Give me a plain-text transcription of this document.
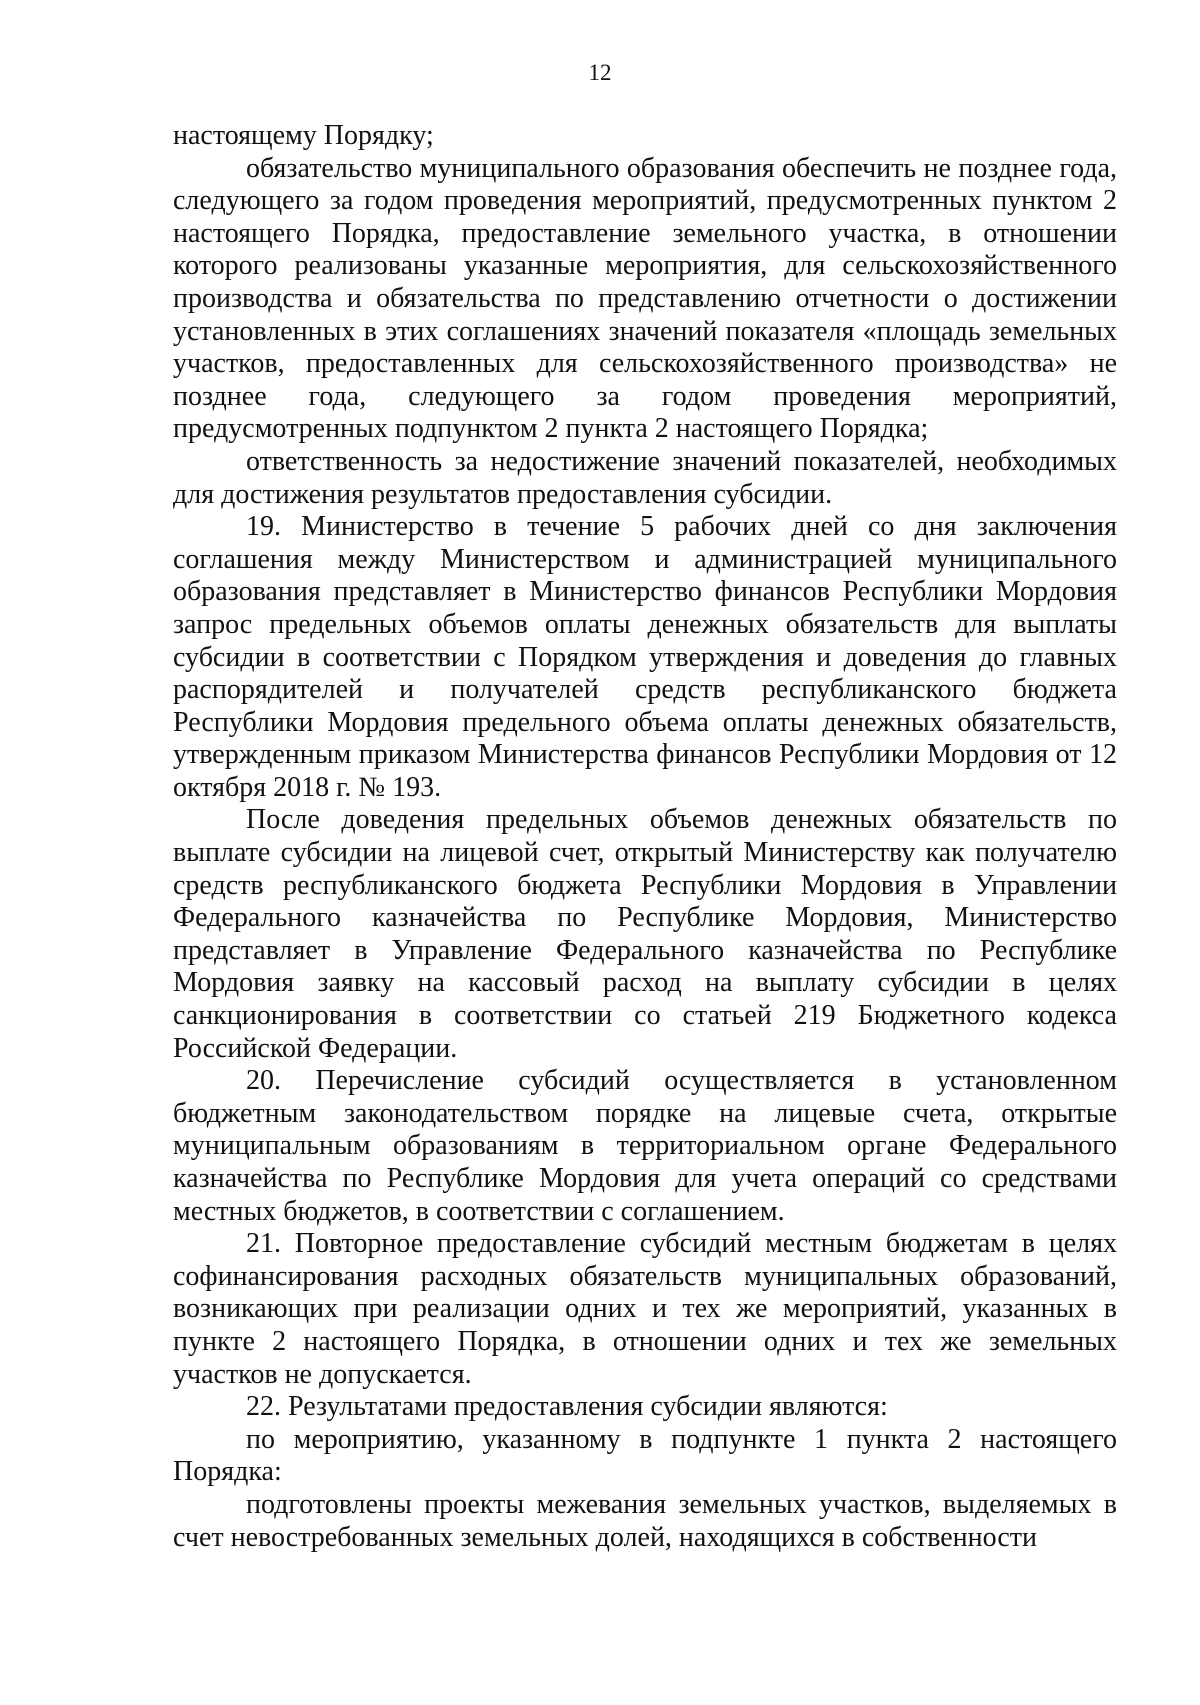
12

настоящему Порядку;

обязательство муниципального образования обеспечить не позднее года, следующего за годом проведения мероприятий, предусмотренных пунктом 2 настоящего Порядка, предоставление земельного участка, в отношении которого реализованы указанные мероприятия, для сельскохозяйственного производства и обязательства по представлению отчетности о достижении установленных в этих соглашениях значений показателя «площадь земельных участков, предоставленных для сельскохозяйственного производства» не позднее года, следующего за годом проведения мероприятий, предусмотренных подпунктом 2 пункта 2 настоящего Порядка;

ответственность за недостижение значений показателей, необходимых для достижения результатов предоставления субсидии.

19. Министерство в течение 5 рабочих дней со дня заключения соглашения между Министерством и администрацией муниципального образования представляет в Министерство финансов Республики Мордовия запрос предельных объемов оплаты денежных обязательств для выплаты субсидии в соответствии с Порядком утверждения и доведения до главных распорядителей и получателей средств республиканского бюджета Республики Мордовия предельного объема оплаты денежных обязательств, утвержденным приказом Министерства финансов Республики Мордовия от 12 октября 2018 г. № 193.

После доведения предельных объемов денежных обязательств по выплате субсидии на лицевой счет, открытый Министерству как получателю средств республиканского бюджета Республики Мордовия в Управлении Федерального казначейства по Республике Мордовия, Министерство представляет в Управление Федерального казначейства по Республике Мордовия заявку на кассовый расход на выплату субсидии в целях санкционирования в соответствии со статьей 219 Бюджетного кодекса Российской Федерации.

20. Перечисление субсидий осуществляется в установленном бюджетным законодательством порядке на лицевые счета, открытые муниципальным образованиям в территориальном органе Федерального казначейства по Республике Мордовия для учета операций со средствами местных бюджетов, в соответствии с соглашением.

21. Повторное предоставление субсидий местным бюджетам в целях софинансирования расходных обязательств муниципальных образований, возникающих при реализации одних и тех же мероприятий, указанных в пункте 2 настоящего Порядка, в отношении одних и тех же земельных участков не допускается.

22. Результатами предоставления субсидии являются:

по мероприятию, указанному в подпункте 1 пункта 2 настоящего Порядка:

подготовлены проекты межевания земельных участков, выделяемых в счет невостребованных земельных долей, находящихся в собственности
